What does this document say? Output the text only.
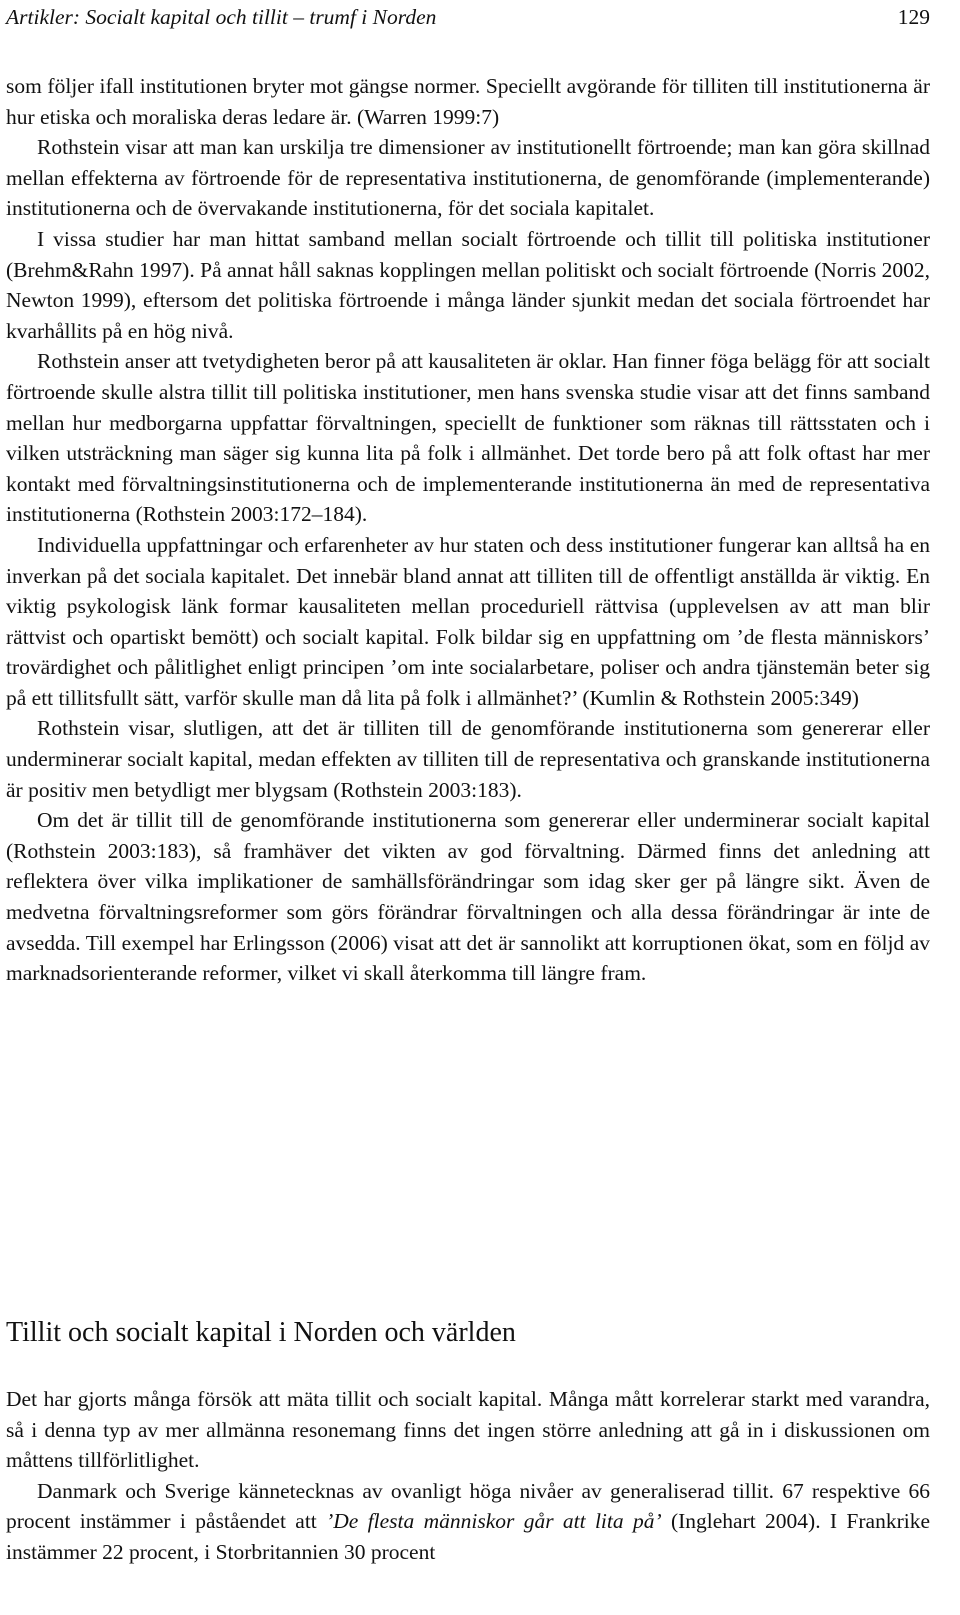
Artikler: Socialt kapital och tillit – trumf i Norden	129

som följer ifall institutionen bryter mot gängse normer. Speciellt avgörande för tilliten till institutionerna är hur etiska och moraliska deras ledare är. (Warren 1999:7)

Rothstein visar att man kan urskilja tre dimensioner av institutionellt förtroende; man kan göra skillnad mellan effekterna av förtroende för de representativa institutionerna, de genomförande (implementerande) institutionerna och de övervakande institutionerna, för det sociala kapitalet.

I vissa studier har man hittat samband mellan socialt förtroende och tillit till politiska institutioner (Brehm&Rahn 1997). På annat håll saknas kopplingen mellan politiskt och socialt förtroende (Norris 2002, Newton 1999), eftersom det politiska förtroende i många länder sjunkit medan det sociala förtroendet har kvarhållits på en hög nivå.

Rothstein anser att tvetydigheten beror på att kausaliteten är oklar. Han finner föga belägg för att socialt förtroende skulle alstra tillit till politiska institutioner, men hans svenska studie visar att det finns samband mellan hur medborgarna uppfattar förvaltningen, speciellt de funktioner som räknas till rättsstaten och i vilken utsträckning man säger sig kunna lita på folk i allmänhet. Det torde bero på att folk oftast har mer kontakt med förvaltningsinstitutionerna och de implementerande institutionerna än med de representativa institutionerna (Rothstein 2003:172–184).

Individuella uppfattningar och erfarenheter av hur staten och dess institutioner fungerar kan alltså ha en inverkan på det sociala kapitalet. Det innebär bland annat att tilliten till de offentligt anställda är viktig. En viktig psykologisk länk formar kausaliteten mellan proceduriell rättvisa (upplevelsen av att man blir rättvist och opartiskt bemött) och socialt kapital. Folk bildar sig en uppfattning om ’de flesta människors’ trovärdighet och pålitlighet enligt principen ’om inte socialarbetare, poliser och andra tjänstemän beter sig på ett tillitsfullt sätt, varför skulle man då lita på folk i allmänhet?’ (Kumlin & Rothstein 2005:349)

Rothstein visar, slutligen, att det är tilliten till de genomförande institutionerna som genererar eller underminerar socialt kapital, medan effekten av tilliten till de representativa och granskande institutionerna är positiv men betydligt mer blygsam (Rothstein 2003:183).

Om det är tillit till de genomförande institutionerna som genererar eller underminerar socialt kapital (Rothstein 2003:183), så framhäver det vikten av god förvaltning. Därmed finns det anledning att reflektera över vilka implikationer de samhällsförändringar som idag sker ger på längre sikt. Även de medvetna förvaltningsreformer som görs förändrar förvaltningen och alla dessa förändringar är inte de avsedda. Till exempel har Erlingsson (2006) visat att det är sannolikt att korruptionen ökat, som en följd av marknadsorienterande reformer, vilket vi skall återkomma till längre fram.

Tillit och socialt kapital i Norden och världen

Det har gjorts många försök att mäta tillit och socialt kapital. Många mått korrelerar starkt med varandra, så i denna typ av mer allmänna resonemang finns det ingen större anledning att gå in i diskussionen om måttens tillförlitlighet.

Danmark och Sverige kännetecknas av ovanligt höga nivåer av generaliserad tillit. 67 respektive 66 procent instämmer i påståendet att ’De flesta människor går att lita på’ (Inglehart 2004). I Frankrike instämmer 22 procent, i Storbritannien 30 procent
